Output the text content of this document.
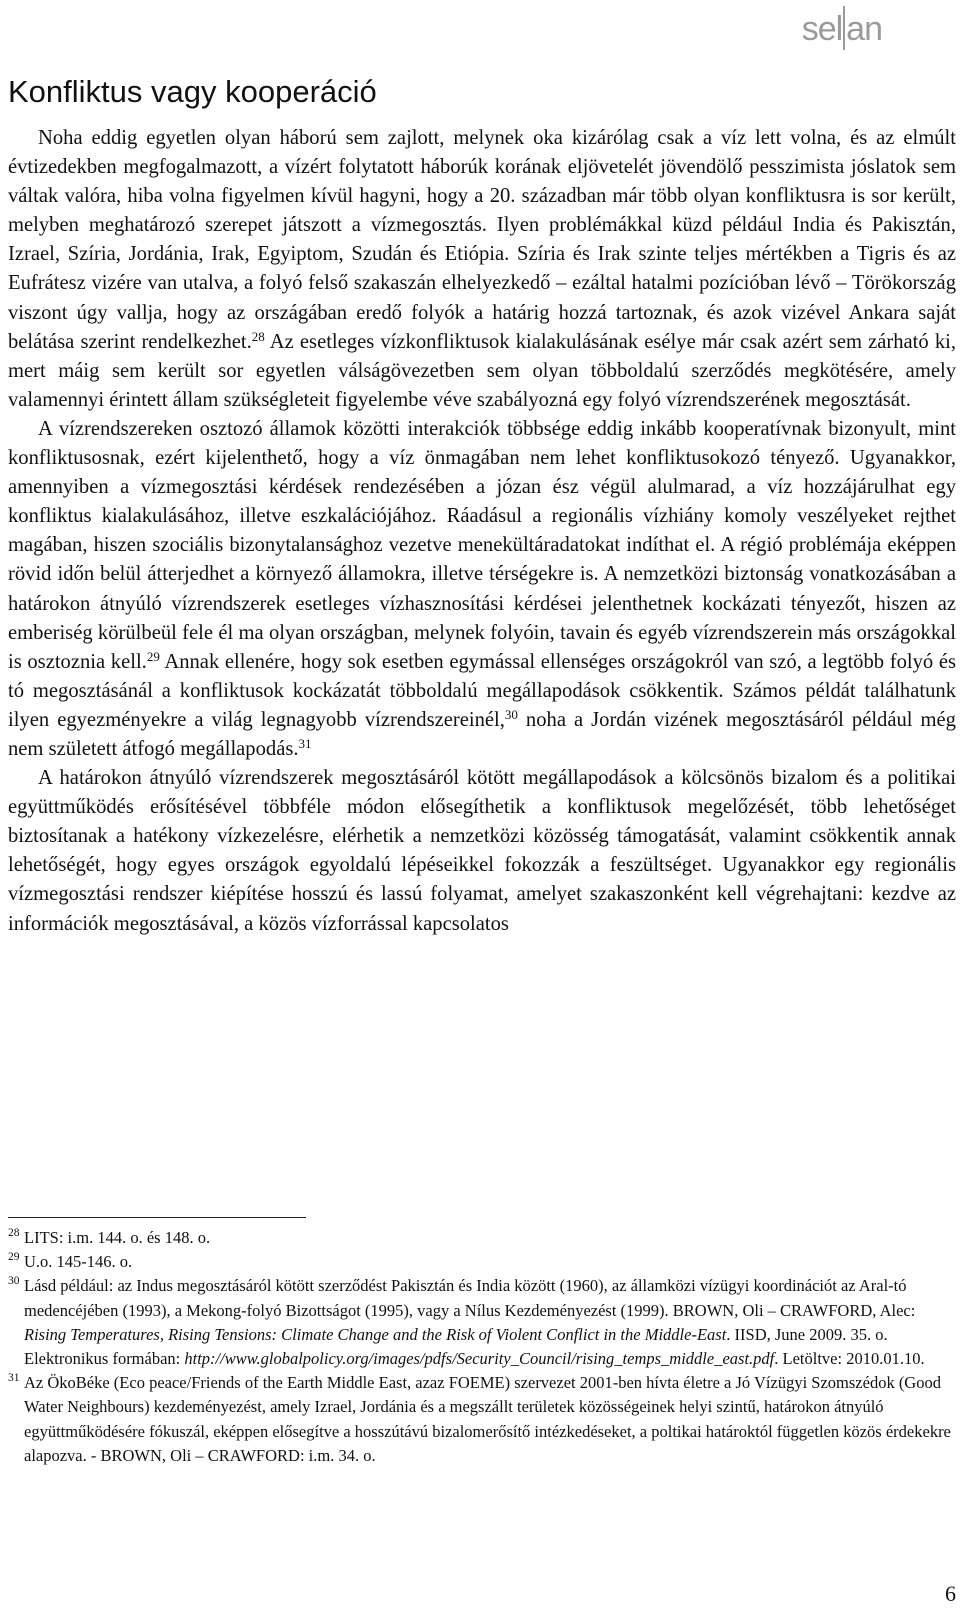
sel an
Konfliktus vagy kooperáció

Noha eddig egyetlen olyan háború sem zajlott, melynek oka kizárólag csak a víz lett volna, és az elmúlt évtizedekben megfogalmazott, a vízért folytatott háborúk korának eljövetelét jövendölő pesszimista jóslatok sem váltak valóra, hiba volna figyelmen kívül hagyni, hogy a 20. században már több olyan konfliktusra is sor került, melyben meghatározó szerepet játszott a vízmegosztás. Ilyen problémákkal küzd például India és Pakisztán, Izrael, Szíria, Jordánia, Irak, Egyiptom, Szudán és Etiópia. Szíria és Irak szinte teljes mértékben a Tigris és az Eufrátesz vizére van utalva, a folyó felső szakaszán elhelyezkedő – ezáltal hatalmi pozícióban lévő – Törökország viszont úgy vallja, hogy az országában eredő folyók a határig hozzá tartoznak, és azok vizével Ankara saját belátása szerint rendelkezhet.$^{28}$ Az esetleges vízkonfliktusok kialakulásának esélye már csak azért sem zárható ki, mert máig sem került sor egyetlen válságövezetben sem olyan többoldalú szerződés megkötésére, amely valamennyi érintett állam szükségleteit figyelembe véve szabályozná egy folyó vízrendszerének megosztását.

A vízrendszereken osztozó államok közötti interakciók többsége eddig inkább kooperatívnak bizonyult, mint konfliktusosnak, ezért kijelenthető, hogy a víz önmagában nem lehet konfliktusokozó tényező. Ugyanakkor, amennyiben a vízmegosztási kérdések rendezésében a józan ész végül alulmarad, a víz hozzájárulhat egy konfliktus kialakulásához, illetve eszkalációjához. Ráadásul a regionális vízhiány komoly veszélyeket rejthet magában, hiszen szociális bizonytalansághoz vezetve menekültáradatokat indíthat el. A régió problémája eképpen rövid időn belül átterjedhet a környező államokra, illetve térségekre is. A nemzetközi biztonság vonatkozásában a határokon átnyúló vízrendszerek esetleges vízhasznosítási kérdései jelenthetnek kockázati tényezőt, hiszen az emberiség körülbeül fele él ma olyan országban, melynek folyóin, tavain és egyéb vízrendszerein más országokkal is osztoznia kell.$^{29}$ Annak ellenére, hogy sok esetben egymással ellenséges országokról van szó, a legtöbb folyó és tó megosztásánál a konfliktusok kockázatát többoldalú megállapodások csökkentik. Számos példát találhatunk ilyen egyezményekre a világ legnagyobb vízrendszereinél,$^{30}$ noha a Jordán vizének megosztásáról például még nem született átfogó megállapodás.$^{31}$

A határokon átnyúló vízrendszerek megosztásáról kötött megállapodások a kölcsönös bizalom és a politikai együttműködés erősítésével többféle módon elősegíthetik a konfliktusok megelőzését, több lehetőséget biztosítanak a hatékony vízkezelésre, elérhetik a nemzetközi közösség támogatását, valamint csökkentik annak lehetőségét, hogy egyes országok egyoldalú lépéseikkel fokozzák a feszültséget. Ugyanakkor egy regionális vízmegosztási rendszer kiépítése hosszú és lassú folyamat, amelyet szakaszonként kell végrehajtani: kezdve az információk megosztásával, a közös vízforrással kapcsolatos

28 LITS: i.m. 144. o. és 148. o.

29 U.o. 145-146. o.

30 Lásd például: az Indus megosztásáról kötött szerződést Pakisztán és India között (1960), az államközi vízügyi koordinációt az Aral-tó medencéjében (1993), a Mekong-folyó Bizottságot (1995), vagy a Nílus Kezdeményezést (1999). BROWN, Oli – CRAWFORD, Alec: Rising Temperatures, Rising Tensions: Climate Change and the Risk of Violent Conflict in the Middle-East. IISD, June 2009. 35. o. Elektronikus formában: http://www.globalpolicy.org/images/pdfs/Security_Council/rising_temps_middle_east.pdf. Letöltve: 2010.01.10.

31 Az ÖkoBéke (Eco peace/Friends of the Earth Middle East, azaz FOEME) szervezet 2001-ben hívta életre a Jó Vízügyi Szomszédok (Good Water Neighbours) kezdeményezést, amely Izrael, Jordánia és a megszállt területek közösségeinek helyi szintű, határokon átnyúló együttműködésére fókuszál, eképpen elősegítve a hosszútávú bizalomerősítő intézkedéseket, a poltikai határoktól független közös érdekekre alapozva. - BROWN, Oli – CRAWFORD: i.m. 34. o.

6
